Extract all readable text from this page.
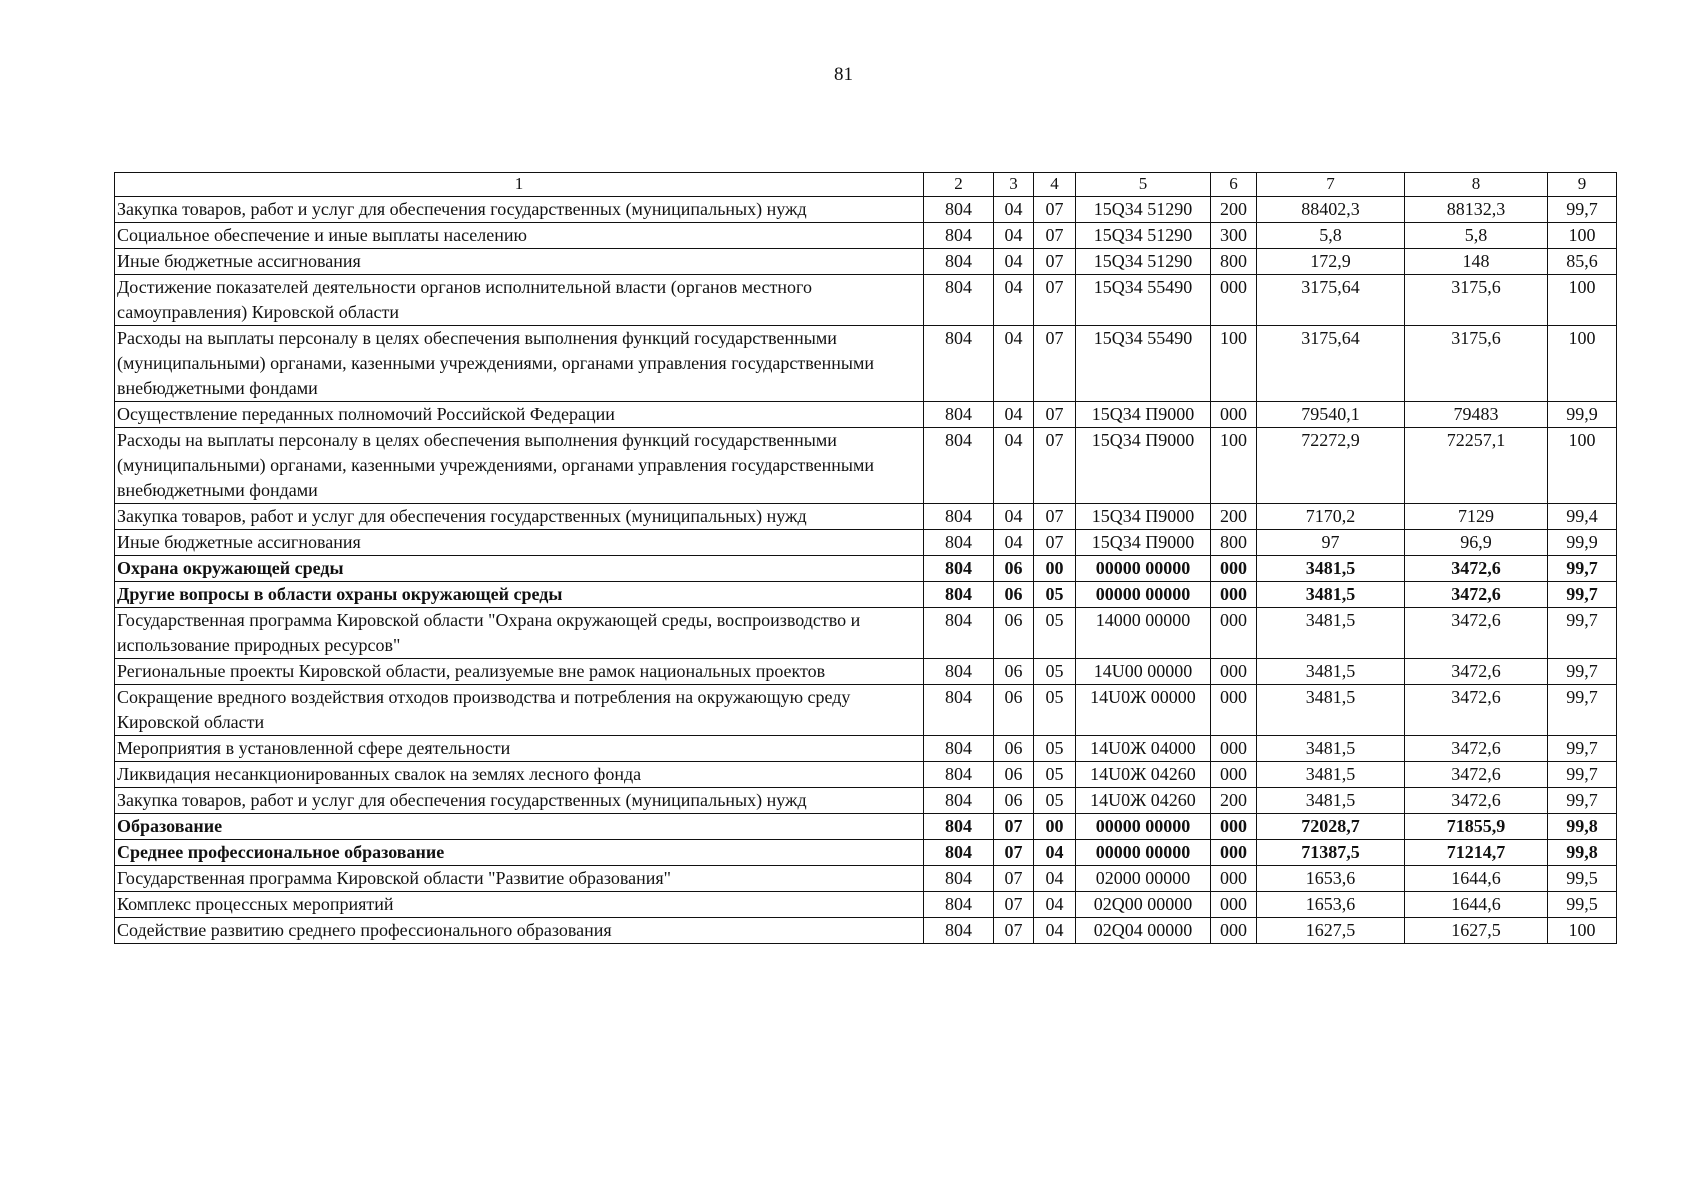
81
1	2	3	4	5	6	7	8	9
Закупка товаров, работ и услуг для обеспечения государственных (муниципальных) нужд	804	04	07	15Q34 51290	200	88402,3	88132,3	99,7
Социальное обеспечение и иные выплаты населению	804	04	07	15Q34 51290	300	5,8	5,8	100
Иные бюджетные ассигнования	804	04	07	15Q34 51290	800	172,9	148	85,6
Достижение показателей деятельности органов исполнительной власти (органов местного самоуправления) Кировской области	804	04	07	15Q34 55490	000	3175,64	3175,6	100
Расходы на выплаты персоналу в целях обеспечения выполнения функций государственными (муниципальными) органами, казенными учреждениями, органами управления государственными внебюджетными фондами	804	04	07	15Q34 55490	100	3175,64	3175,6	100
Осуществление переданных полномочий Российской Федерации	804	04	07	15Q34 П9000	000	79540,1	79483	99,9
Расходы на выплаты персоналу в целях обеспечения выполнения функций государственными (муниципальными) органами, казенными учреждениями, органами управления государственными внебюджетными фондами	804	04	07	15Q34 П9000	100	72272,9	72257,1	100
Закупка товаров, работ и услуг для обеспечения государственных (муниципальных) нужд	804	04	07	15Q34 П9000	200	7170,2	7129	99,4
Иные бюджетные ассигнования	804	04	07	15Q34 П9000	800	97	96,9	99,9
Охрана окружающей среды	804	06	00	00000 00000	000	3481,5	3472,6	99,7
Другие вопросы в области охраны окружающей среды	804	06	05	00000 00000	000	3481,5	3472,6	99,7
Государственная программа Кировской области "Охрана окружающей среды, воспроизводство и использование природных ресурсов"	804	06	05	14000 00000	000	3481,5	3472,6	99,7
Региональные проекты Кировской области, реализуемые вне рамок национальных проектов	804	06	05	14U00 00000	000	3481,5	3472,6	99,7
Сокращение вредного воздействия отходов производства и потребления на окружающую среду Кировской области	804	06	05	14U0Ж 00000	000	3481,5	3472,6	99,7
Мероприятия в установленной сфере деятельности	804	06	05	14U0Ж 04000	000	3481,5	3472,6	99,7
Ликвидация несанкционированных свалок на землях лесного фонда	804	06	05	14U0Ж 04260	000	3481,5	3472,6	99,7
Закупка товаров, работ и услуг для обеспечения государственных (муниципальных) нужд	804	06	05	14U0Ж 04260	200	3481,5	3472,6	99,7
Образование	804	07	00	00000 00000	000	72028,7	71855,9	99,8
Среднее профессиональное образование	804	07	04	00000 00000	000	71387,5	71214,7	99,8
Государственная программа Кировской области "Развитие образования"	804	07	04	02000 00000	000	1653,6	1644,6	99,5
Комплекс процессных мероприятий	804	07	04	02Q00 00000	000	1653,6	1644,6	99,5
Содействие развитию среднего профессионального образования	804	07	04	02Q04 00000	000	1627,5	1627,5	100
